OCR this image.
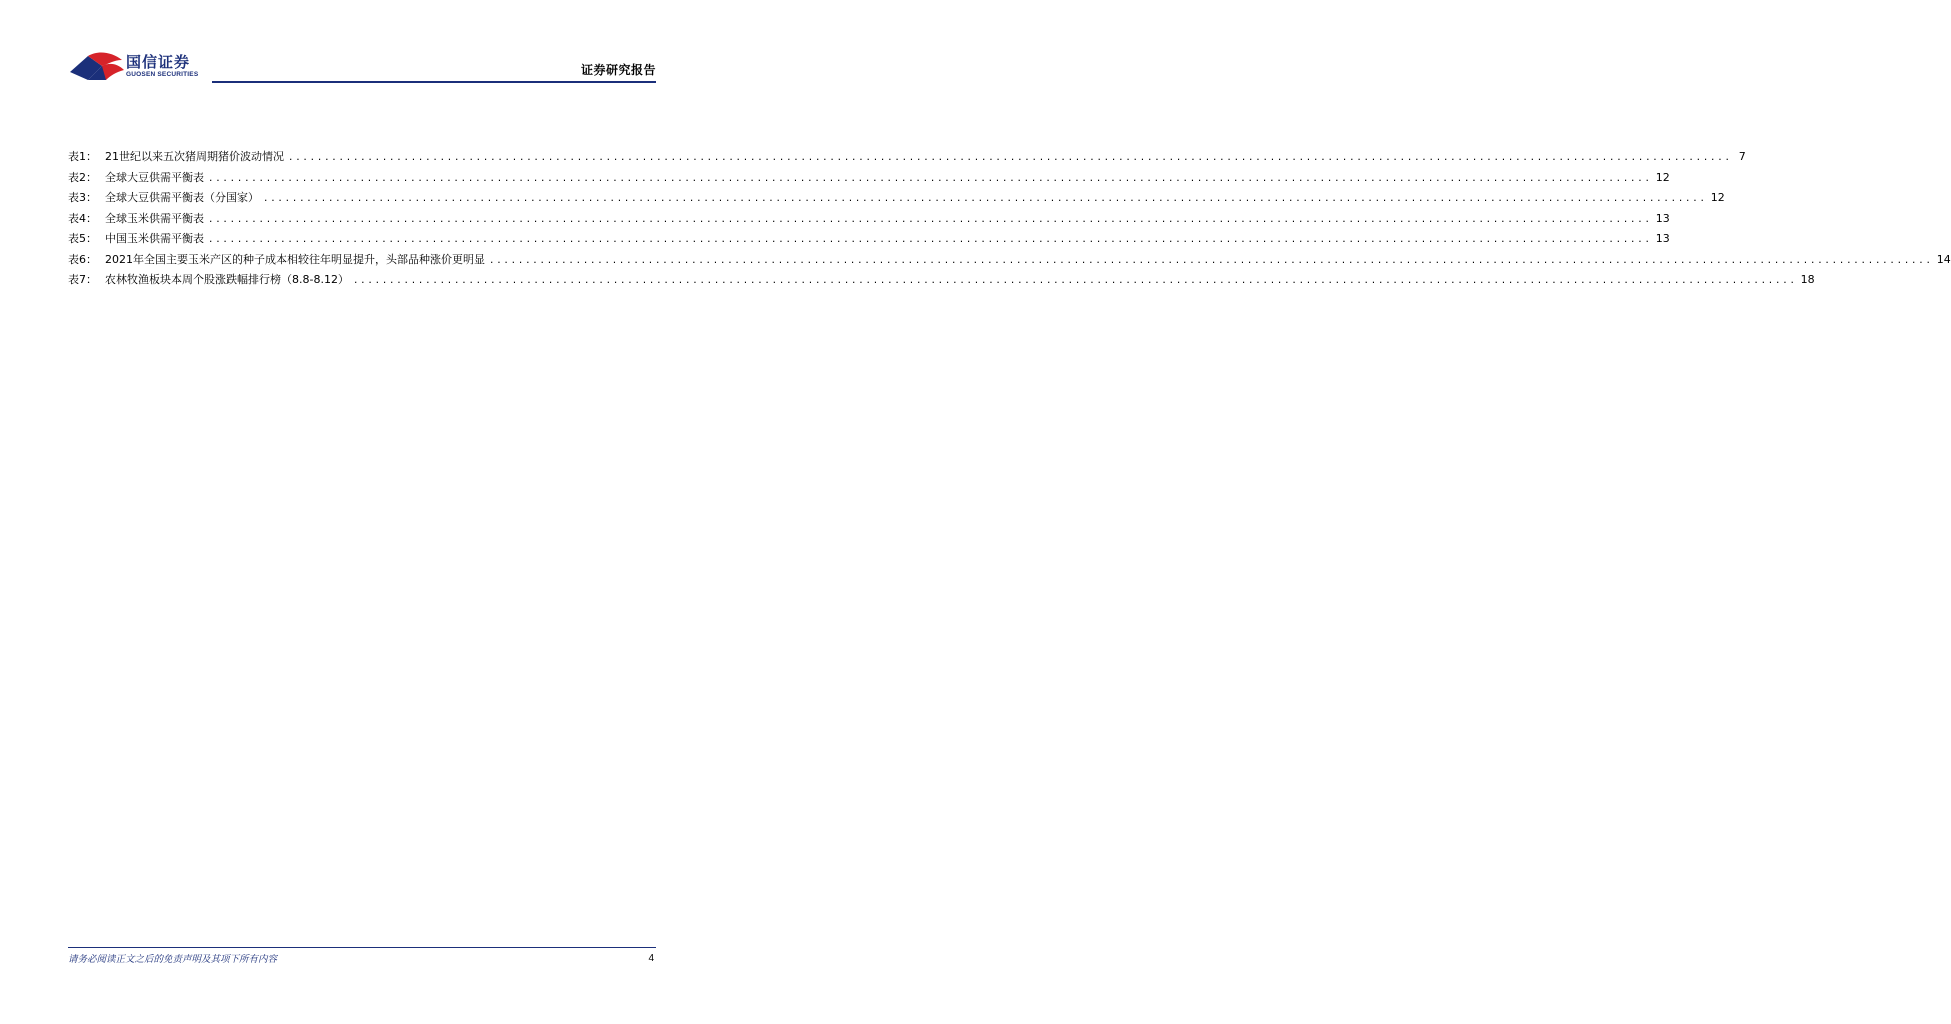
国信证券
GUOSEN SECURITIES	证券研究报告
表1： 21世纪以来五次猪周期猪价波动情况 ........................................................................................................................................................................................................ 7
表2： 全球大豆供需平衡表 ........................................................................................................................................................................................................ 12
表3： 全球大豆供需平衡表（分国家） ........................................................................................................................................................................................................ 12
表4： 全球玉米供需平衡表 ........................................................................................................................................................................................................ 13
表5： 中国玉米供需平衡表 ........................................................................................................................................................................................................ 13
表6： 2021年全国主要玉米产区的种子成本相较往年明显提升，头部品种涨价更明显 ........................................................................................................................................................................................................ 14
表7： 农林牧渔板块本周个股涨跌幅排行榜（8.8-8.12） ........................................................................................................................................................................................................ 18
请务必阅读正文之后的免责声明及其项下所有内容	4
